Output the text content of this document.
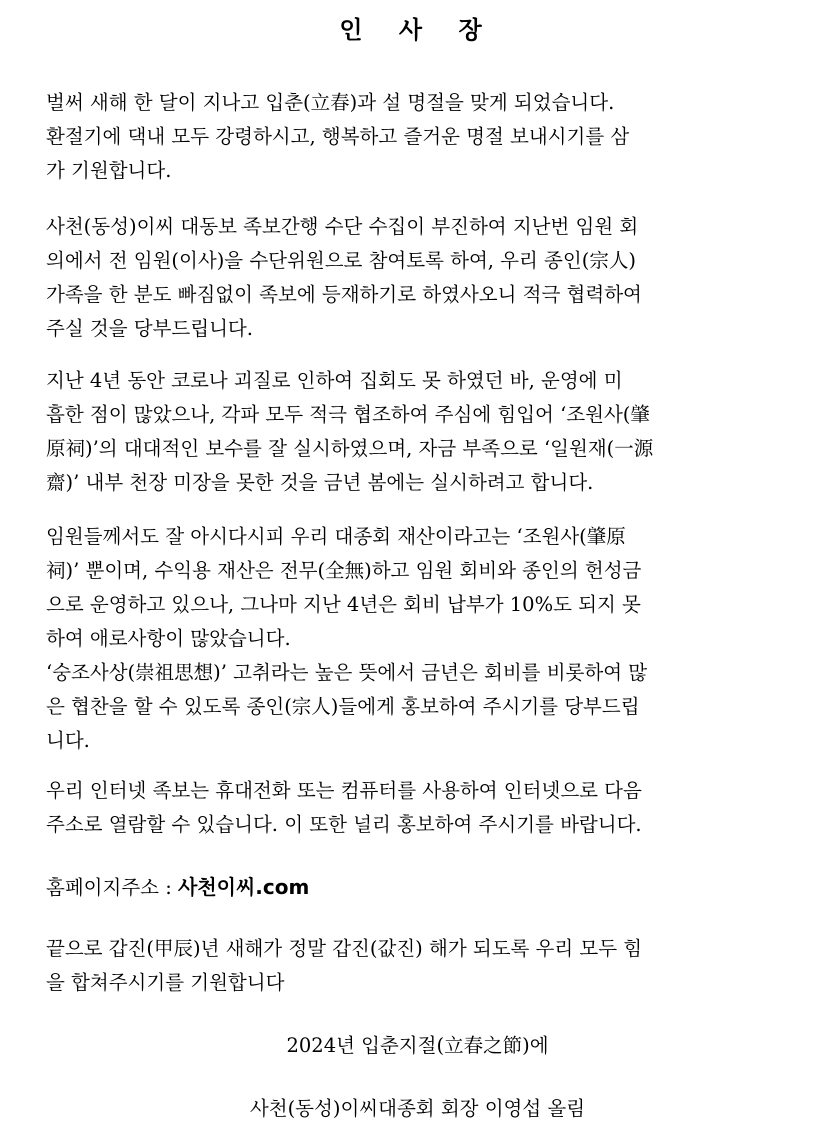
인 사 장
벌써 새해 한 달이 지나고 입춘(立春)과 설 명절을 맞게 되었습니다.
환절기에 댁내 모두 강령하시고, 행복하고 즐거운 명절 보내시기를 삼
가 기원합니다.
사천(동성)이씨 대동보 족보간행 수단 수집이 부진하여 지난번 임원 회
의에서 전 임원(이사)을 수단위원으로 참여토록 하여, 우리 종인(宗人)
가족을 한 분도 빠짐없이 족보에 등재하기로 하였사오니 적극 협력하여
주실 것을 당부드립니다.
지난 4년 동안 코로나 괴질로 인하여 집회도 못 하였던 바, 운영에 미
흡한 점이 많았으나, 각파 모두 적극 협조하여 주심에 힘입어 ‘조원사(肇
原祠)’의 대대적인 보수를 잘 실시하였으며, 자금 부족으로 ‘일원재(一源
齋)’ 내부 천장 미장을 못한 것을 금년 봄에는 실시하려고 합니다.
임원들께서도 잘 아시다시피 우리 대종회 재산이라고는 ‘조원사(肇原
祠)’ 뿐이며, 수익용 재산은 전무(全無)하고 임원 회비와 종인의 헌성금
으로 운영하고 있으나, 그나마 지난 4년은 회비 납부가 10%도 되지 못
하여 애로사항이 많았습니다.
‘숭조사상(崇祖思想)’ 고취라는 높은 뜻에서 금년은 회비를 비롯하여 많
은 협찬을 할 수 있도록 종인(宗人)들에게 홍보하여 주시기를 당부드립
니다.
우리 인터넷 족보는 휴대전화 또는 컴퓨터를 사용하여 인터넷으로 다음
주소로 열람할 수 있습니다. 이 또한 널리 홍보하여 주시기를 바랍니다.
홈페이지주소 : 사천이씨.com
끝으로 갑진(甲辰)년 새해가 정말 갑진(값진) 해가 되도록 우리 모두 힘
을 합쳐주시기를 기원합니다
2024년 입춘지절(立春之節)에
사천(동성)이씨대종회 회장 이영섭 올림
